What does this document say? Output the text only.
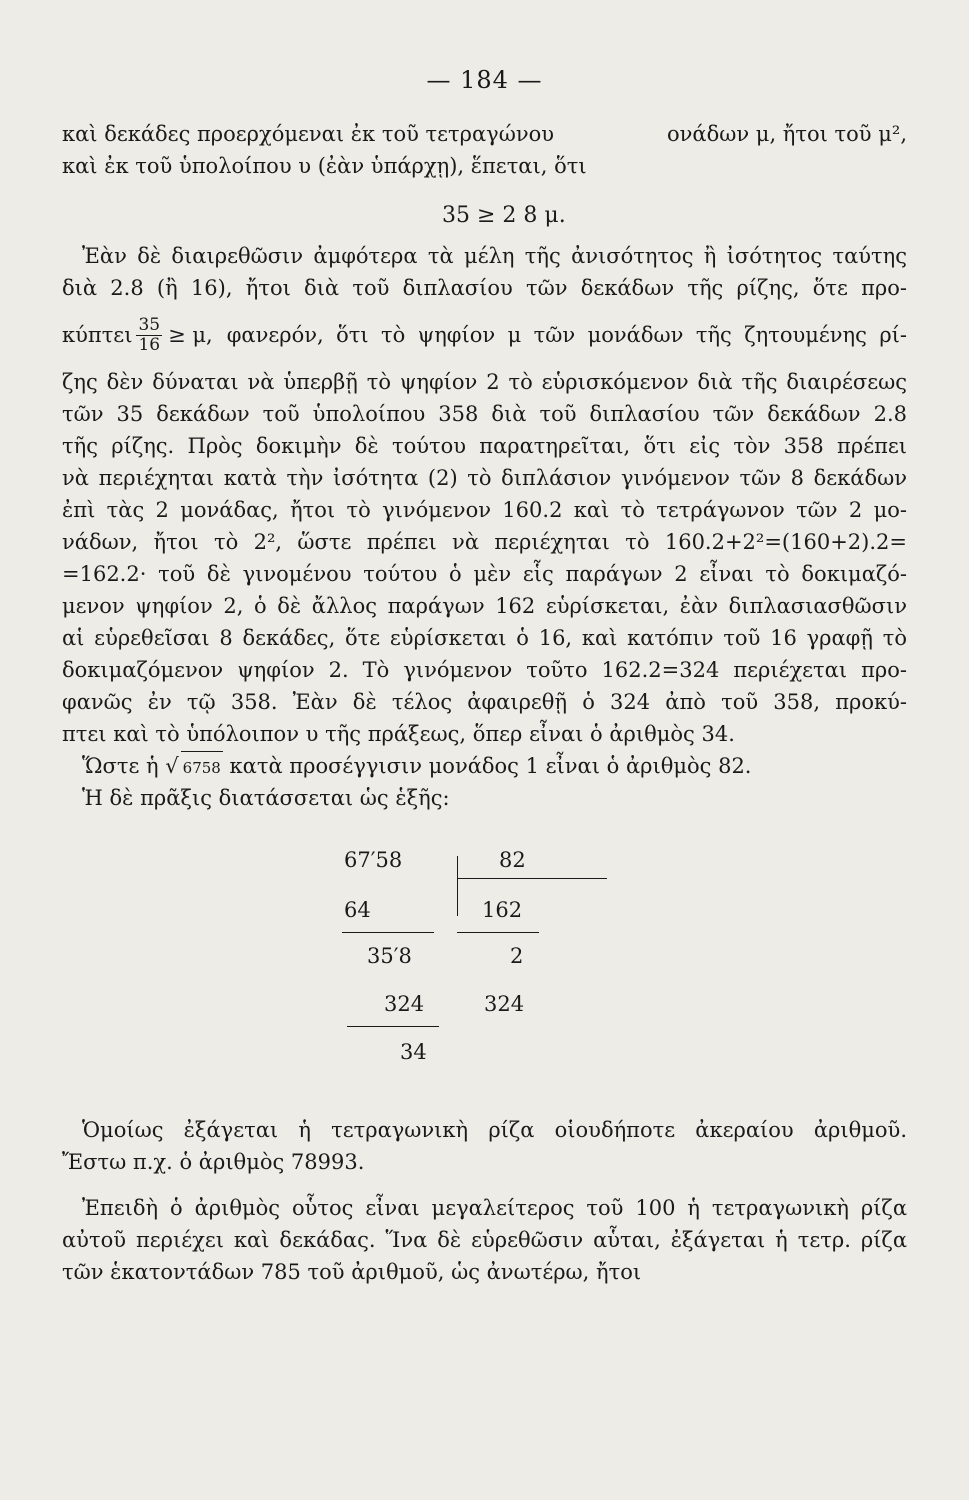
— 184 —
καὶ δεκάδες προερχόμεναι ἐκ τοῦ τετραγώνου	ονάδων μ, ἤτοι τοῦ μ²,
καὶ ἐκ τοῦ ὑπολοίπου υ (ἐὰν ὑπάρχῃ), ἕπεται, ὅτι
35 ≥ 2 8 μ.
Ἐὰν δὲ διαιρεθῶσιν ἀμφότερα τὰ μέλη τῆς ἀνισότητος ἢ ἰσότητος ταύτης
διὰ 2.8 (ἢ 16), ἤτοι διὰ τοῦ διπλασίου τῶν δεκάδων τῆς ρίζης, ὅτε προ-
κύπτει $\frac{35}{16} \ge \mu$, φανερόν, ὅτι τὸ ψηφίον μ τῶν μονάδων τῆς ζητουμένης ρί-
ζης δὲν δύναται νὰ ὑπερβῇ τὸ ψηφίον 2 τὸ εὑρισκόμενον διὰ τῆς διαιρέσεως
τῶν 35 δεκάδων τοῦ ὑπολοίπου 358 διὰ τοῦ διπλασίου τῶν δεκάδων 2.8
τῆς ρίζης. Πρὸς δοκιμὴν δὲ τούτου παρατηρεῖται, ὅτι εἰς τὸν 358 πρέπει
νὰ περιέχηται κατὰ τὴν ἰσότητα (2) τὸ διπλάσιον γινόμενον τῶν 8 δεκάδων
ἐπὶ τὰς 2 μονάδας, ἤτοι τὸ γινόμενον 160.2 καὶ τὸ τετράγωνον τῶν 2 μο-
νάδων, ἤτοι τὸ 2², ὥστε πρέπει νὰ περιέχηται τὸ 160.2+2²=(160+2).2=
=162.2· τοῦ δὲ γινομένου τούτου ὁ μὲν εἷς παράγων 2 εἶναι τὸ δοκιμαζό-
μενον ψηφίον 2, ὁ δὲ ἄλλος παράγων 162 εὑρίσκεται, ἐὰν διπλασιασθῶσιν
αἱ εὑρεθεῖσαι 8 δεκάδες, ὅτε εὑρίσκεται ὁ 16, καὶ κατόπιν τοῦ 16 γραφῇ τὸ
δοκιμαζόμενον ψηφίον 2. Τὸ γινόμενον τοῦτο 162.2=324 περιέχεται προ-
φανῶς ἐν τῷ 358. Ἐὰν δὲ τέλος ἀφαιρεθῇ ὁ 324 ἀπὸ τοῦ 358, προκύ-
πτει καὶ τὸ ὑπόλοιπον υ τῆς πράξεως, ὅπερ εἶναι ὁ ἀριθμὸς 34.
Ὥστε ἡ √ 6758 κατὰ προσέγγισιν μονάδος 1 εἶναι ὁ ἀριθμὸς 82.
Ἡ δὲ πρᾶξις διατάσσεται ὡς ἑξῆς:
67′58
64
35′8
324
34
82
162
2
324
Ὁμοίως ἐξάγεται ἡ τετραγωνικὴ ρίζα οἱουδήποτε ἀκεραίου ἀριθμοῦ.
Ἔστω π.χ. ὁ ἀριθμὸς 78993.
Ἐπειδὴ ὁ ἀριθμὸς οὗτος εἶναι μεγαλείτερος τοῦ 100 ἡ τετραγωνικὴ ρίζα
αὐτοῦ περιέχει καὶ δεκάδας. Ἵνα δὲ εὑρεθῶσιν αὗται, ἐξάγεται ἡ τετρ. ρίζα
τῶν ἑκατοντάδων 785 τοῦ ἀριθμοῦ, ὡς ἀνωτέρω, ἤτοι
